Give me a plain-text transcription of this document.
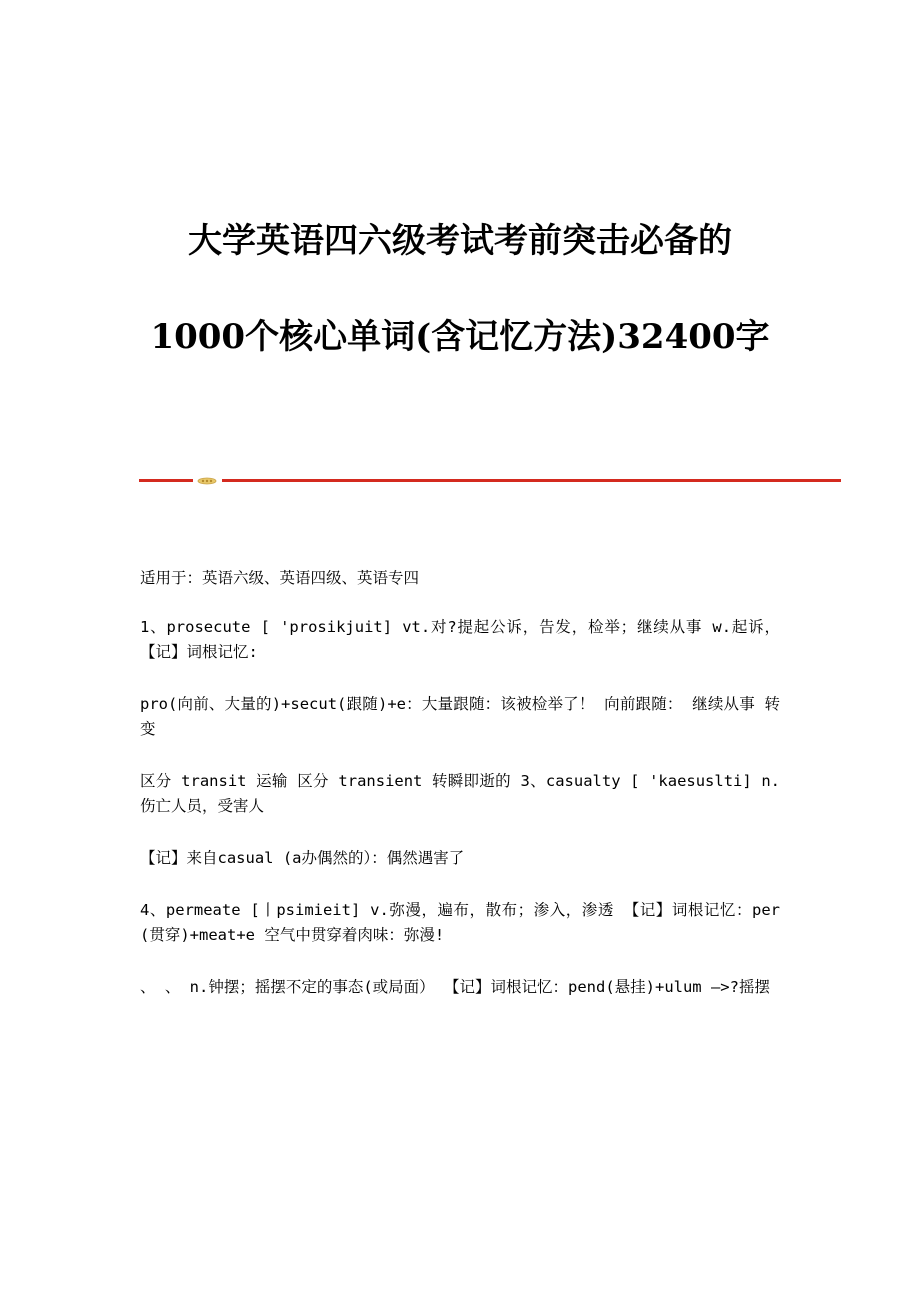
大学英语四六级考试考前突击必备的
1000个核心单词(含记忆方法)32400字

适用于：英语六级、英语四级、英语专四

1、prosecute [ 'prosikjuit] vt.对?提起公诉，告发，检举；继续从事 w.起诉， 【记】词根记忆:

pro(向前、大量的)+secut(跟随)+e：大量跟随：该被检举了！ 向前跟随： 继续从事 转变

区分 transit 运输 区分 transient 转瞬即逝的 3、casualty [ 'kaesuslti] n.伤亡人员，受害人

【记】来自casual (a办偶然的）：偶然遇害了

4、permeate [丨psimieit] v.弥漫，遍布，散布；渗入，渗透 【记】词根记忆：per(贯穿)+meat+e 空气中贯穿着肉味：弥漫!

、 、 n.钟摆；摇摆不定的事态(或局面） 【记】词根记忆：pend(悬挂)+ulum —>?摇摆
